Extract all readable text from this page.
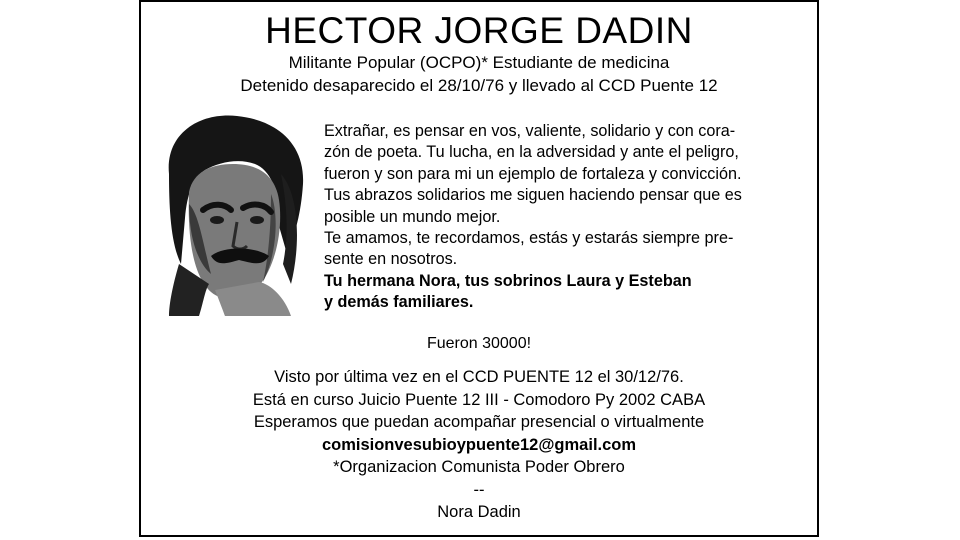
HECTOR JORGE DADIN
Militante Popular (OCPO)* Estudiante de medicina
Detenido desaparecido el 28/10/76 y llevado al CCD Puente 12
Extrañar, es pensar en vos, valiente, solidario y con cora-
zón de poeta. Tu lucha, en la adversidad y ante el peligro,
fueron y son para mi un ejemplo de fortaleza y convicción.
Tus abrazos solidarios me siguen haciendo pensar que es
posible un mundo mejor.
Te amamos, te recordamos, estás y estarás siempre pre-
sente en nosotros.
Tu hermana Nora, tus sobrinos Laura y Esteban
y demás familiares.
Fueron 30000!
Visto por última vez en el CCD PUENTE 12 el 30/12/76.
Está en curso Juicio Puente 12 III - Comodoro Py 2002 CABA
Esperamos que puedan acompañar presencial o virtualmente
comisionvesubioypuente12@gmail.com
*Organizacion Comunista Poder Obrero
--
Nora Dadin
